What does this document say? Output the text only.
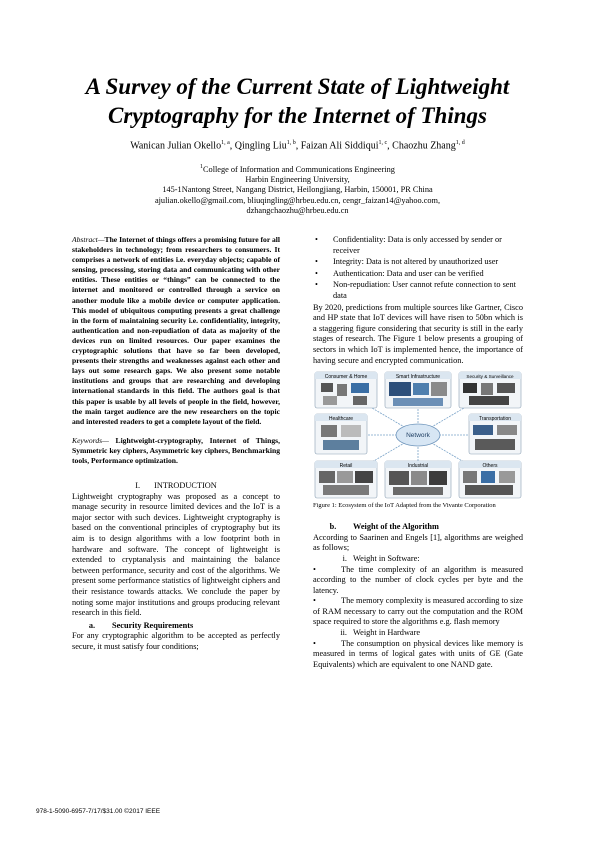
A Survey of the Current State of Lightweight
Cryptography for the Internet of Things
Wanican Julian Okello$^{1, a}$, Qingling Liu$^{1, b}$, Faizan Ali Siddiqui$^{1, c}$, Chaozhu Zhang$^{1, d}$
$^1$College of Information and Communications Engineering
Harbin Engineering University,
145-1Nantong Street, Nangang District, Heilongjiang, Harbin, 150001, PR China
ajulian.okello@gmail.com, bliuqingling@hrbeu.edu.cn, cengr_faizan14@yahoo.com,
dzhangchaozhu@hrbeu.edu.cn

Abstract—The Internet of things offers a promising future for all stakeholders in technology; from researchers to consumers. It comprises a network of entities i.e. everyday objects; capable of sensing, processing, storing data and communicating with other entities. These entities or “things” can be connected to the internet and monitored or controlled through a service on another module like a mobile device or computer application. This model of ubiquitous computing presents a great challenge in the form of maintaining security i.e. confidentiality, integrity, authentication and non-repudiation of data as majority of the devices run on limited resources. Our paper examines the cryptographic solutions that have so far been developed, presents their strengths and weaknesses against each other and lays out some research gaps. We also present some notable institutions and groups that are researching and developing international standards in this field. The authors goal is that this paper is usable by all levels of people in the field, however, the main target audience are the new researchers on the topic and interested readers to get a complete layout of the field.

Keywords— Lightweight-cryptography, Internet of Things, Symmetric key ciphers, Asymmetric key ciphers, Benchmarking tools, Performance optimization.

I. INTRODUCTION

Lightweight cryptography was proposed as a concept to manage security in resource limited devices and the IoT is a major sector with such devices. Lightweight cryptography is based on the conventional principles of cryptography but its aim is to design algorithms with a low footprint both in hardware and software. The concept of lightweight is extended to cryptanalysis and maintaining the balance between performance, security and cost of the algorithms. We present some performance statistics of lightweight ciphers and their resistance towards attacks. We conclude the paper by noting some major institutions and groups producing relevant research in this field.

a. Security Requirements

For any cryptographic algorithm to be accepted as perfectly secure, it must satisfy four conditions;

• Confidentiality: Data is only accessed by sender or receiver
• Integrity: Data is not altered by unauthorized user
• Authentication: Data and user can be verified
• Non-repudiation: User cannot refute connection to sent data

By 2020, predictions from multiple sources like Gartner, Cisco and HP state that IoT devices will have risen to 50bn which is a staggering figure considering that security is still in the early stages of research. The Figure 1 below presents a grouping of sectors in which IoT is implemented hence, the importance of having secure and encrypted communication.

Consumer & Home	Smart Infrastructure	Security & Surveillance
Healthcare	Transportation
Retail	Industrial	Others
Network
Figure 1: Ecosystem of the IoT Adapted from the Vivante Corporation
b. Weight of the Algorithm

According to Saarinen and Engels [1], algorithms are weighed as follows;

i. Weight in Software:

•	The time complexity of an algorithm is measured according to the number of clock cycles per byte and the latency.

•	The memory complexity is measured according to size of RAM necessary to carry out the computation and the ROM space required to store the algorithms e.g. flash memory

ii. Weight in Hardware

•	The consumption on physical devices like memory is measured in terms of logical gates with units of GE (Gate Equivalents) which are equivalent to one NAND gate.

978-1-5090-6957-7/17/$31.00 ©2017 IEEE
